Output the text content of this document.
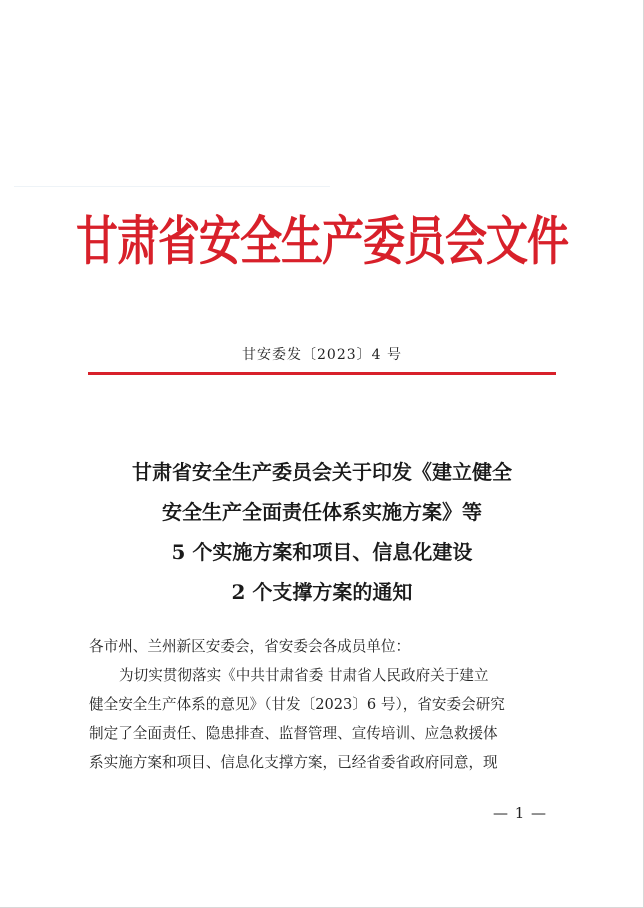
甘肃省安全生产委员会文件
甘安委发〔2023〕4 号
甘肃省安全生产委员会关于印发《建立健全
安全生产全面责任体系实施方案》等
5 个实施方案和项目、信息化建设
2 个支撑方案的通知
各市州、兰州新区安委会，省安委会各成员单位：
为切实贯彻落实《中共甘肃省委 甘肃省人民政府关于建立
健全安全生产体系的意见》（甘发〔2023〕6 号），省安委会研究
制定了全面责任、隐患排查、监督管理、宣传培训、应急救援体
系实施方案和项目、信息化支撑方案，已经省委省政府同意，现
— 1 —
